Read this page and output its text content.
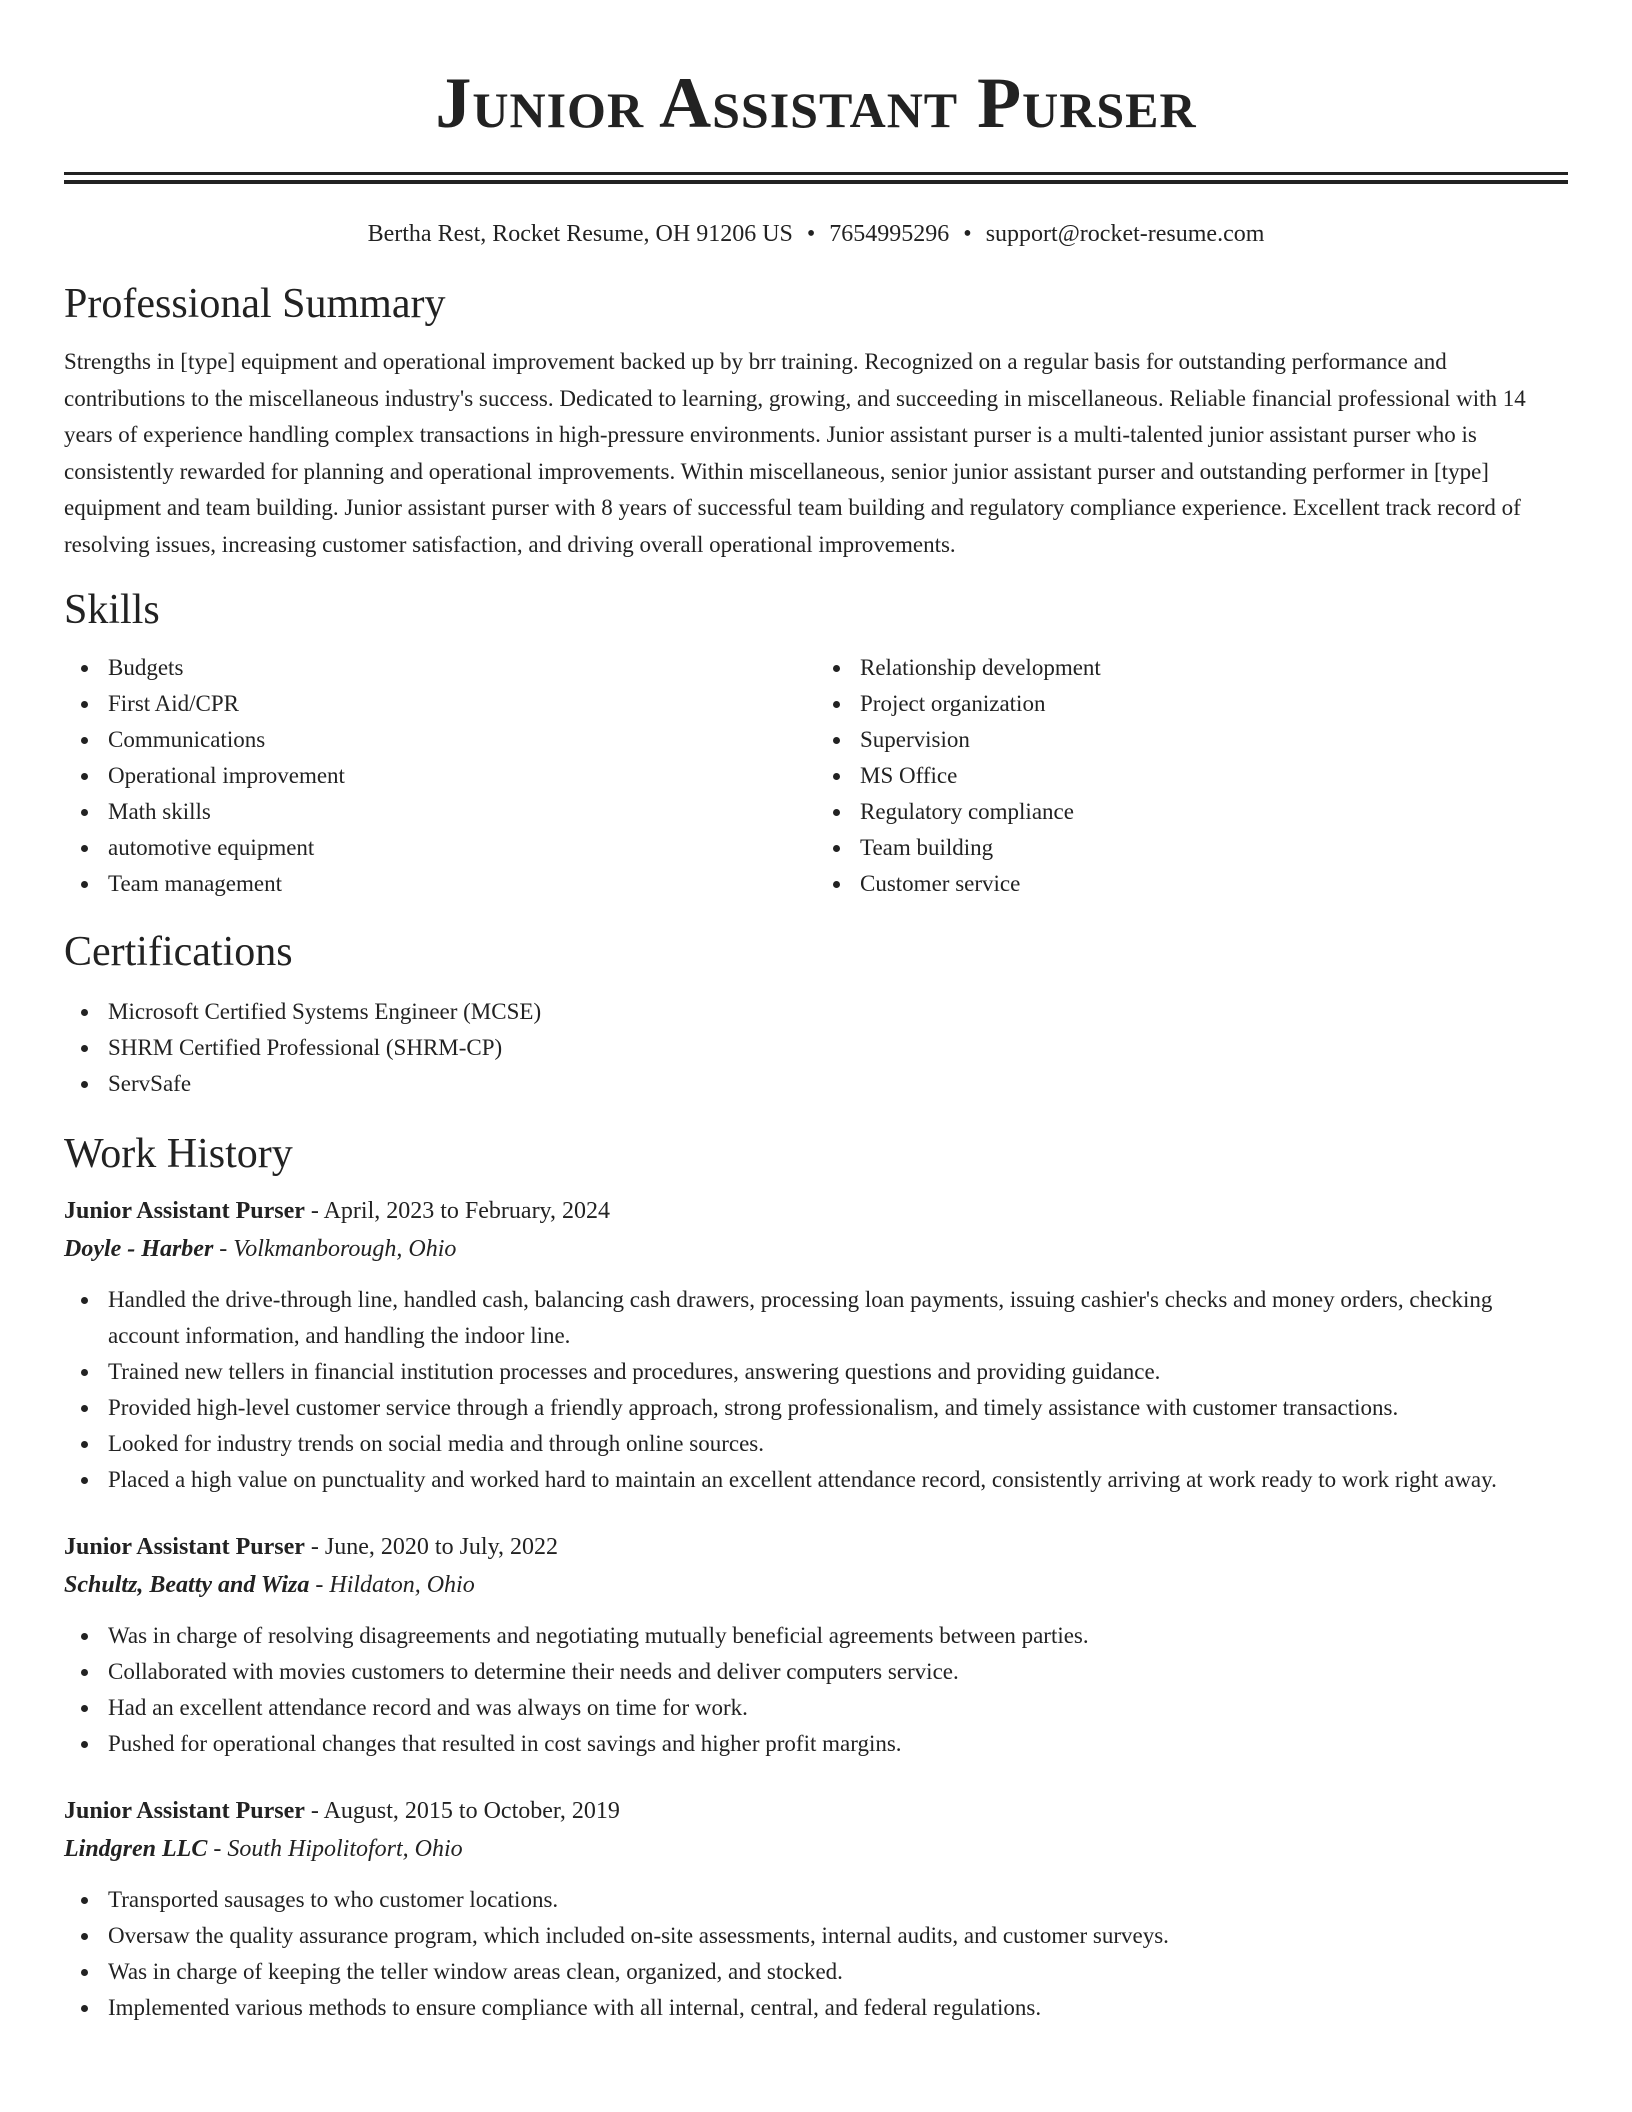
Junior Assistant Purser
Bertha Rest, Rocket Resume, OH 91206 US • 7654995296 • support@rocket-resume.com
Professional Summary

Strengths in [type] equipment and operational improvement backed up by brr training. Recognized on a regular basis for outstanding performance and contributions to the miscellaneous industry's success. Dedicated to learning, growing, and succeeding in miscellaneous. Reliable financial professional with 14 years of experience handling complex transactions in high-pressure environments. Junior assistant purser is a multi-talented junior assistant purser who is consistently rewarded for planning and operational improvements. Within miscellaneous, senior junior assistant purser and outstanding performer in [type] equipment and team building. Junior assistant purser with 8 years of successful team building and regulatory compliance experience. Excellent track record of resolving issues, increasing customer satisfaction, and driving overall operational improvements.

Skills
Budgets
First Aid/CPR
Communications
Operational improvement
Math skills
automotive equipment
Team management
Relationship development
Project organization
Supervision
MS Office
Regulatory compliance
Team building
Customer service
Certifications
Microsoft Certified Systems Engineer (MCSE)
SHRM Certified Professional (SHRM-CP)
ServSafe
Work History
Junior Assistant Purser - April, 2023 to February, 2024
Doyle - Harber - Volkmanborough, Ohio
Handled the drive-through line, handled cash, balancing cash drawers, processing loan payments, issuing cashier's checks and money orders, checking account information, and handling the indoor line.
Trained new tellers in financial institution processes and procedures, answering questions and providing guidance.
Provided high-level customer service through a friendly approach, strong professionalism, and timely assistance with customer transactions.
Looked for industry trends on social media and through online sources.
Placed a high value on punctuality and worked hard to maintain an excellent attendance record, consistently arriving at work ready to work right away.
Junior Assistant Purser - June, 2020 to July, 2022
Schultz, Beatty and Wiza - Hildaton, Ohio
Was in charge of resolving disagreements and negotiating mutually beneficial agreements between parties.
Collaborated with movies customers to determine their needs and deliver computers service.
Had an excellent attendance record and was always on time for work.
Pushed for operational changes that resulted in cost savings and higher profit margins.
Junior Assistant Purser - August, 2015 to October, 2019
Lindgren LLC - South Hipolitofort, Ohio
Transported sausages to who customer locations.
Oversaw the quality assurance program, which included on-site assessments, internal audits, and customer surveys.
Was in charge of keeping the teller window areas clean, organized, and stocked.
Implemented various methods to ensure compliance with all internal, central, and federal regulations.
